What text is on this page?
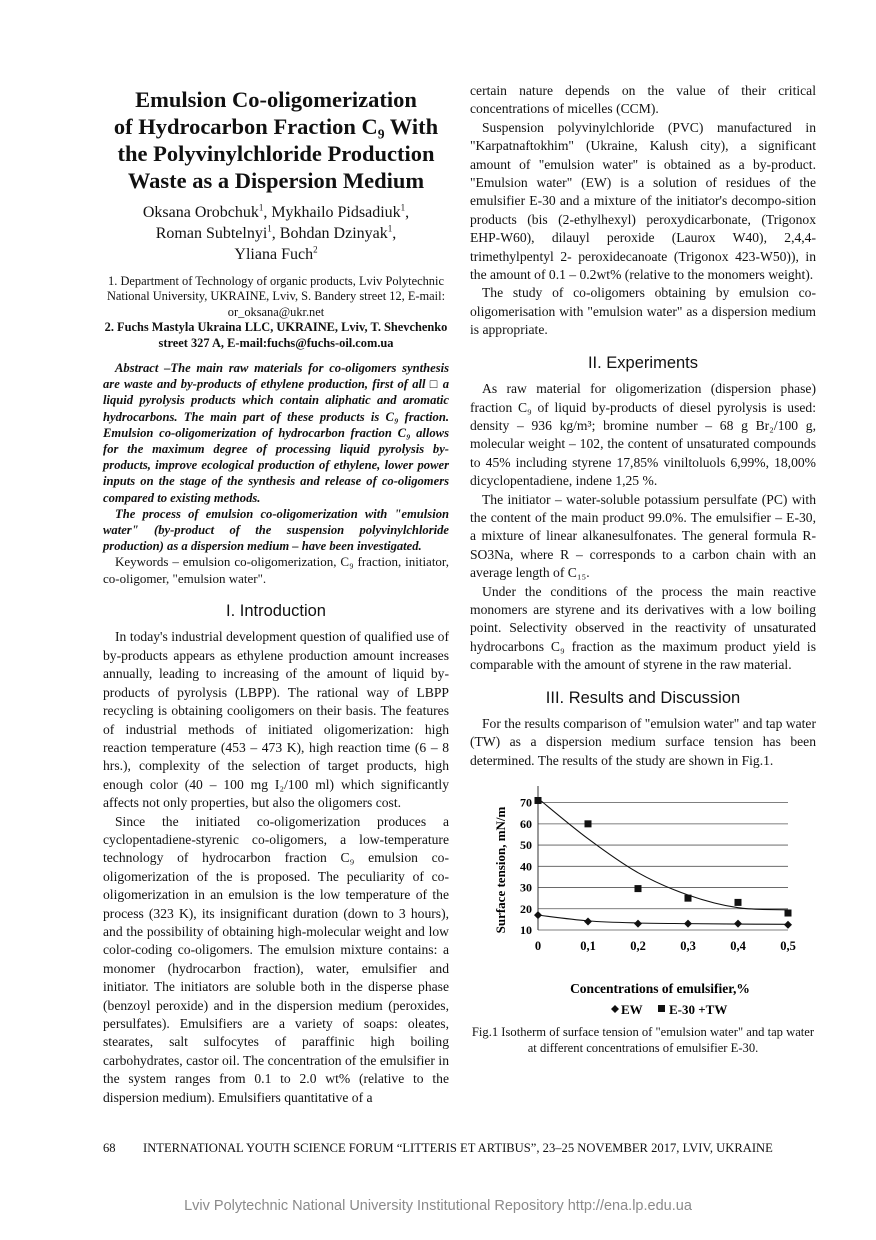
Emulsion Co-oligomerization
of Hydrocarbon Fraction C₉ With
the Polyvinylchloride Production
Waste as a Dispersion Medium
Oksana Orobchuk$^1$, Mykhailo Pidsadiuk$^1$,
Roman Subtelnyi$^1$, Bohdan Dzinyak$^1$,
Yliana Fuch$^2$
1. Department of Technology of organic products, Lviv Polytechnic National University, UKRAINE, Lviv, S. Bandery street 12, E-mail: or_oksana@ukr.net
2. Fuchs Mastyla Ukraina LLC, UKRAINE, Lviv, T. Shevchenko street 327 A, E-mail:fuchs@fuchs-oil.com.ua

Abstract –The main raw materials for co-oligomers synthesis are waste and by-products of ethylene production, first of all □ a liquid pyrolysis products which contain aliphatic and aromatic hydrocarbons. The main part of these products is C₉ fraction. Emulsion co-oligomerization of hydrocarbon fraction C₉ allows for the maximum degree of processing liquid pyrolysis by-products, improve ecological production of ethylene, lower power inputs on the stage of the synthesis and release of co-oligomers compared to existing methods.

The process of emulsion co-oligomerization with "emulsion water" (by-product of the suspension polyvinylchloride production) as a dispersion medium – have been investigated.

Keywords – emulsion co-oligomerization, C₉ fraction, initiator, co-oligomer, "emulsion water".

I. Introduction

In today's industrial development question of qualified use of by-products appears as ethylene production amount increases annually, leading to increasing of the amount of liquid by-products of pyrolysis (LBPP). The rational way of LBPP recycling is obtaining cooligomers on their basis. The features of industrial methods of initiated oligomerization: high reaction temperature (453 – 473 K), high reaction time (6 – 8 hrs.), complexity of the selection of target products, high enough color (40 – 100 mg I₂/100 ml) which significantly affects not only properties, but also the oligomers cost.

Since the initiated co-oligomerization produces a cyclopentadiene-styrenic co-oligomers, a low-temperature technology of hydrocarbon fraction C₉ emulsion co-oligomerization of the is proposed. The peculiarity of co-oligomerization in an emulsion is the low temperature of the process (323 K), its insignificant duration (down to 3 hours), and the possibility of obtaining high-molecular weight and low color-coding co-oligomers. The emulsion mixture contains: a monomer (hydrocarbon fraction), water, emulsifier and initiator. The initiators are soluble both in the disperse phase (benzoyl peroxide) and in the dispersion medium (peroxides, persulfates). Emulsifiers are a variety of soaps: oleates, stearates, salt sulfocytes of paraffinic high boiling carbohydrates, castor oil. The concentration of the emulsifier in the system ranges from 0.1 to 2.0 wt% (relative to the dispersion medium). Emulsifiers quantitative of a

certain nature depends on the value of their critical concentrations of micelles (CCM).

Suspension polyvinylchloride (PVC) manufactured in "Karpatnaftokhim" (Ukraine, Kalush city), a significant amount of "emulsion water" is obtained as a by-product. "Emulsion water" (EW) is a solution of residues of the emulsifier E-30 and a mixture of the initiator's decompo-sition products (bis (2-ethylhexyl) peroxydicarbonate, (Trigonox EHP-W60), dilauyl peroxide (Laurox W40), 2,4,4-trimethylpentyl 2- peroxidecanoate (Trigonox 423-W50)), in the amount of 0.1 – 0.2wt% (relative to the monomers weight).

The study of co-oligomers obtaining by emulsion co-oligomerisation with "emulsion water" as a dispersion medium is appropriate.

II. Experiments

As raw material for oligomerization (dispersion phase) fraction C₉ of liquid by-products of diesel pyrolysis is used: density – 936 kg/m³; bromine number – 68 g Br₂/100 g, molecular weight – 102, the content of unsaturated compounds to 45% including styrene 17,85% viniltoluols 6,99%, 18,00% dicyclopentadiene, indene 1,25 %.

The initiator – water-soluble potassium persulfate (PC) with the content of the main product 99.0%. The emulsifier – E-30, a mixture of linear alkanesulfonates. The general formula R-SO3Na, where R – corresponds to a carbon chain with an average length of C₁₅.

Under the conditions of the process the main reactive monomers are styrene and its derivatives with a low boiling point. Selectivity observed in the reactivity of unsaturated hydrocarbons C₉ fraction as the maximum product yield is comparable with the amount of styrene in the raw material.

III. Results and Discussion

For the results comparison of "emulsion water" and tap water (TW) as a dispersion medium surface tension has been determined. The results of the study are shown in Fig.1.

10
20
30
40
50
60
70
0	0,1	0,2	0,3	0,4	0,5
Surface tension, mN/m
Concentrations of emulsifier,%
EW E-30 +TW
Fig.1 Isotherm of surface tension of "emulsion water" and tap water at different concentrations of emulsifier E-30.
68 INTERNATIONAL YOUTH SCIENCE FORUM “LITTERIS ET ARTIBUS”, 23–25 NOVEMBER 2017, LVIV, UKRAINE
Lviv Polytechnic National University Institutional Repository http://ena.lp.edu.ua
